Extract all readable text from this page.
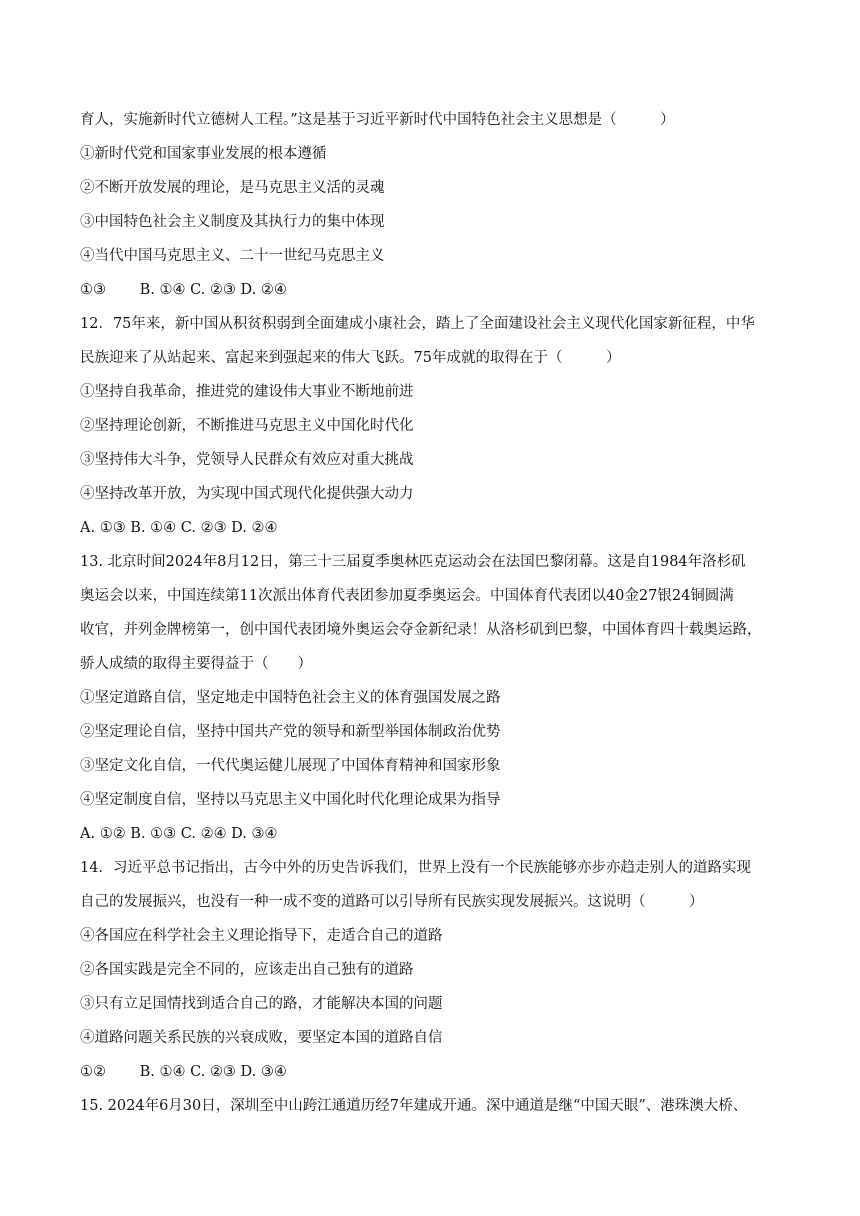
育人，实施新时代立德树人工程。”这是基于习近平新时代中国特色社会主义思想是（　　　）
①新时代党和国家事业发展的根本遵循
②不断开放发展的理论，是马克思主义活的灵魂
③中国特色社会主义制度及其执行力的集中体现
④当代中国马克思主义、二十一世纪马克思主义
①③　　 B. ①④ C. ②③ D. ②④
12．75年来，新中国从积贫积弱到全面建成小康社会，踏上了全面建设社会主义现代化国家新征程，中华
民族迎来了从站起来、富起来到强起来的伟大飞跃。75年成就的取得在于（　　　）
①坚持自我革命，推进党的建设伟大事业不断地前进
②坚持理论创新，不断推进马克思主义中国化时代化
③坚持伟大斗争，党领导人民群众有效应对重大挑战
④坚持改革开放，为实现中国式现代化提供强大动力
A. ①③ B. ①④ C. ②③ D. ②④
13. 北京时间2024年8月12日，第三十三届夏季奥林匹克运动会在法国巴黎闭幕。这是自1984年洛杉矶
奥运会以来，中国连续第11次派出体育代表团参加夏季奥运会。中国体育代表团以40金27银24铜圆满
收官，并列金牌榜第一，创中国代表团境外奥运会夺金新纪录！从洛杉矶到巴黎，中国体育四十载奥运路，
骄人成绩的取得主要得益于（　　）
①坚定道路自信，坚定地走中国特色社会主义的体育强国发展之路
②坚定理论自信，坚持中国共产党的领导和新型举国体制政治优势
③坚定文化自信，一代代奥运健儿展现了中国体育精神和国家形象
④坚定制度自信，坚持以马克思主义中国化时代化理论成果为指导
A. ①② B. ①③ C. ②④ D. ③④
14．习近平总书记指出，古今中外的历史告诉我们，世界上没有一个民族能够亦步亦趋走别人的道路实现
自己的发展振兴，也没有一种一成不变的道路可以引导所有民族实现发展振兴。这说明（　　　）
④各国应在科学社会主义理论指导下，走适合自己的道路
②各国实践是完全不同的，应该走出自己独有的道路
③只有立足国情找到适合自己的路，才能解决本国的问题
④道路问题关系民族的兴衰成败，要坚定本国的道路自信
①②　　 B. ①④ C. ②③ D. ③④
15. 2024年6月30日，深圳至中山跨江通道历经7年建成开通。深中通道是继“中国天眼”、港珠澳大桥、
